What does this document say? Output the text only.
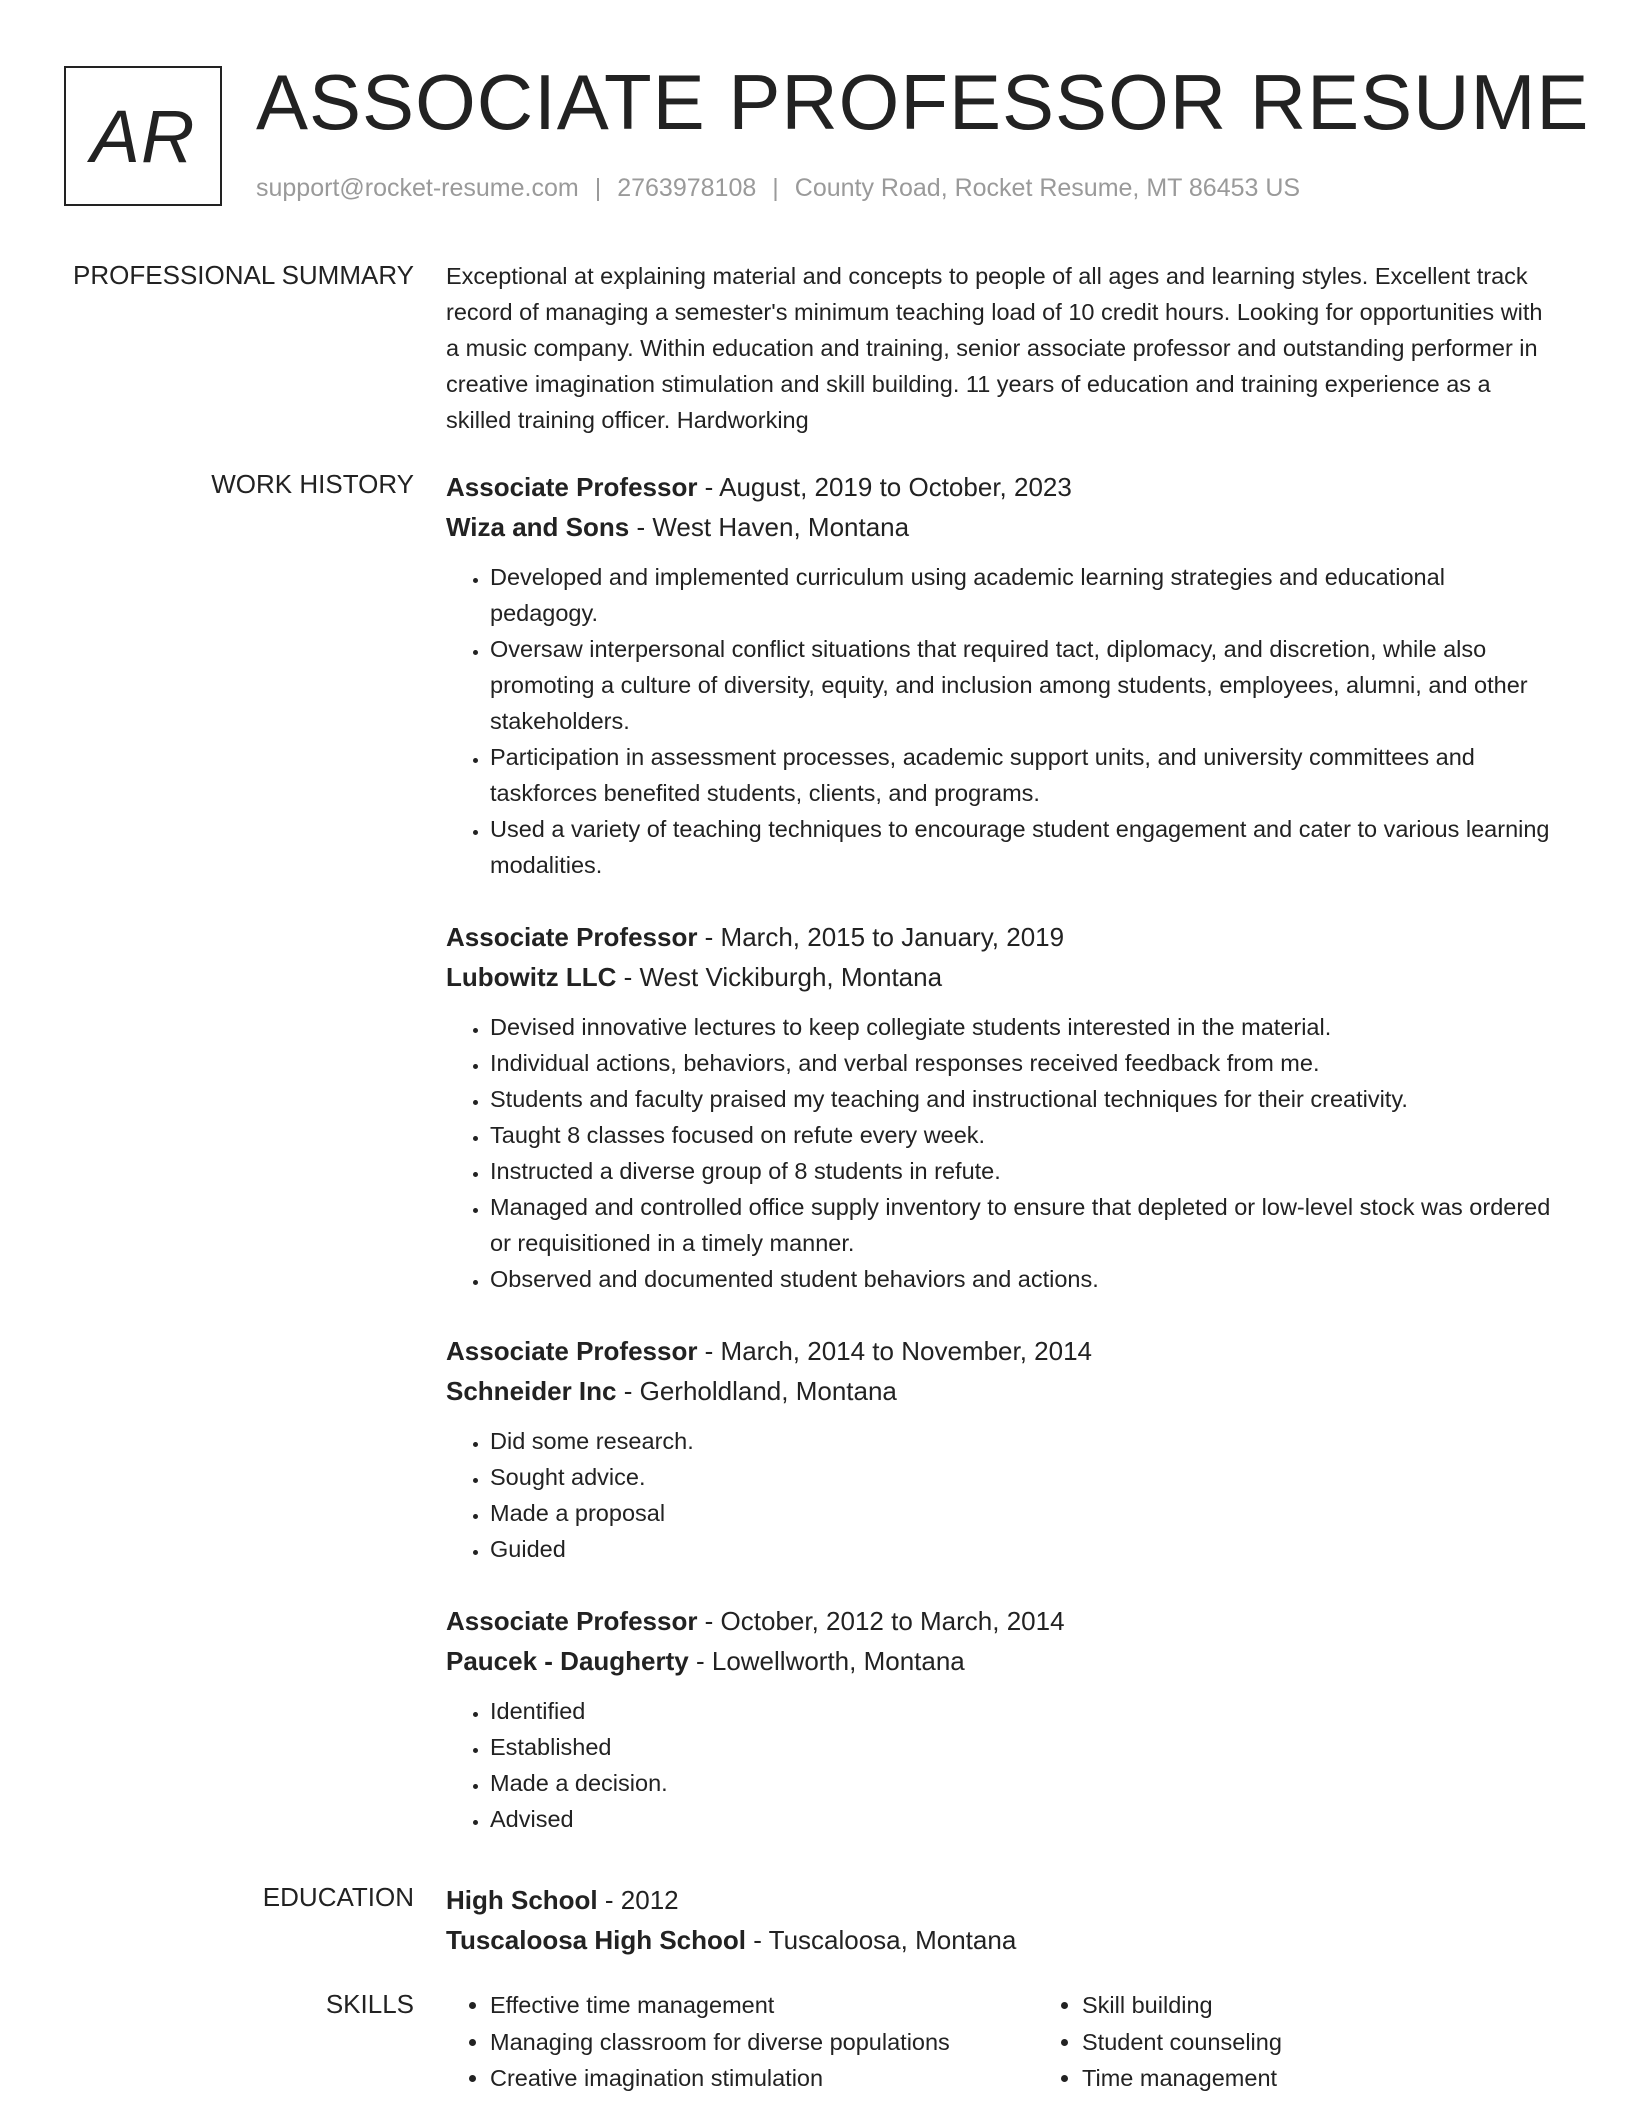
AR ASSOCIATE PROFESSOR RESUME
support@rocket-resume.com | 2763978108 | County Road, Rocket Resume, MT 86453 US
PROFESSIONAL SUMMARY Exceptional at explaining material and concepts to people of all ages and learning styles. Excellent track record of managing a semester's minimum teaching load of 10 credit hours. Looking for opportunities with a music company. Within education and training, senior associate professor and outstanding performer in creative imagination stimulation and skill building. 11 years of education and training experience as a skilled training officer. Hardworking

WORK HISTORY Associate Professor - August, 2019 to October, 2023
Wiza and Sons - West Haven, Montana
• Developed and implemented curriculum using academic learning strategies and educational pedagogy.
• Oversaw interpersonal conflict situations that required tact, diplomacy, and discretion, while also promoting a culture of diversity, equity, and inclusion among students, employees, alumni, and other stakeholders.
• Participation in assessment processes, academic support units, and university committees and taskforces benefited students, clients, and programs.
• Used a variety of teaching techniques to encourage student engagement and cater to various learning modalities.
Associate Professor - March, 2015 to January, 2019
Lubowitz LLC - West Vickiburgh, Montana
• Devised innovative lectures to keep collegiate students interested in the material.
• Individual actions, behaviors, and verbal responses received feedback from me.
• Students and faculty praised my teaching and instructional techniques for their creativity.
• Taught 8 classes focused on refute every week.
• Instructed a diverse group of 8 students in refute.
• Managed and controlled office supply inventory to ensure that depleted or low-level stock was ordered or requisitioned in a timely manner.
• Observed and documented student behaviors and actions.
Associate Professor - March, 2014 to November, 2014
Schneider Inc - Gerholdland, Montana
• Did some research.
• Sought advice.
• Made a proposal
• Guided
Associate Professor - October, 2012 to March, 2014
Paucek - Daugherty - Lowellworth, Montana
• Identified
• Established
• Made a decision.
• Advised
EDUCATION High School - 2012
Tuscaloosa High School - Tuscaloosa, Montana
SKILLS
•	Effective time management
• Managing classroom for diverse populations
• Creative imagination stimulation
• Skill building
• Student counseling
• Time management
